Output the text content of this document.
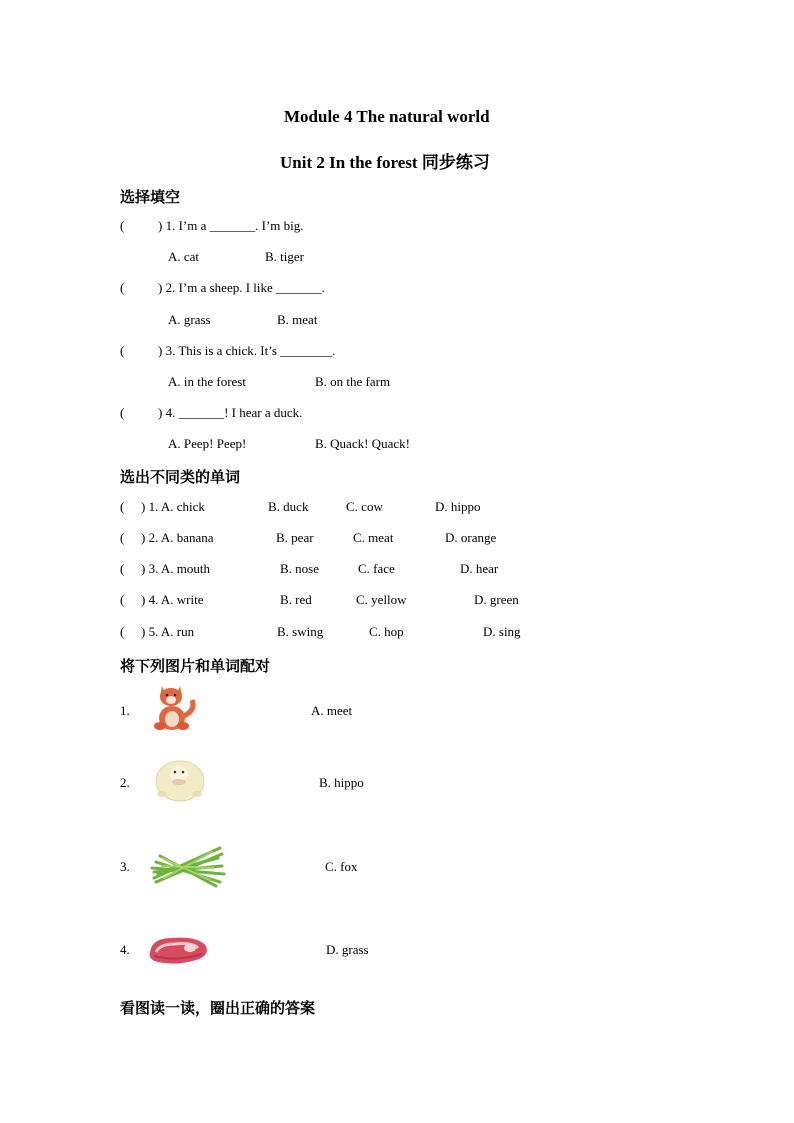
Module 4 The natural world
Unit 2 In the forest 同步练习
选择填空
(	) 1. I’m a _______. I’m big.
A. cat	B. tiger
(	) 2. I’m a sheep. I like _______.
A. grass	B. meat
(	) 3. This is a chick. It’s ________.
A. in the forest	B. on the farm
(	) 4. _______! I hear a duck.
A. Peep! Peep!	B. Quack! Quack!
选出不同类的单词
( ) 1. A. chick	B. duck	C. cow	D. hippo
( ) 2. A. banana	B. pear	C. meat	D. orange
( ) 3. A. mouth	B. nose	C. face	D. hear
( ) 4. A. write	B. red	C. yellow	D. green
( ) 5. A. run	B. swing	C. hop	D. sing
将下列图片和单词配对
1.	A. meet
2.	B. hippo
3.	C. fox
4.	D. grass
看图读一读，圈出正确的答案
